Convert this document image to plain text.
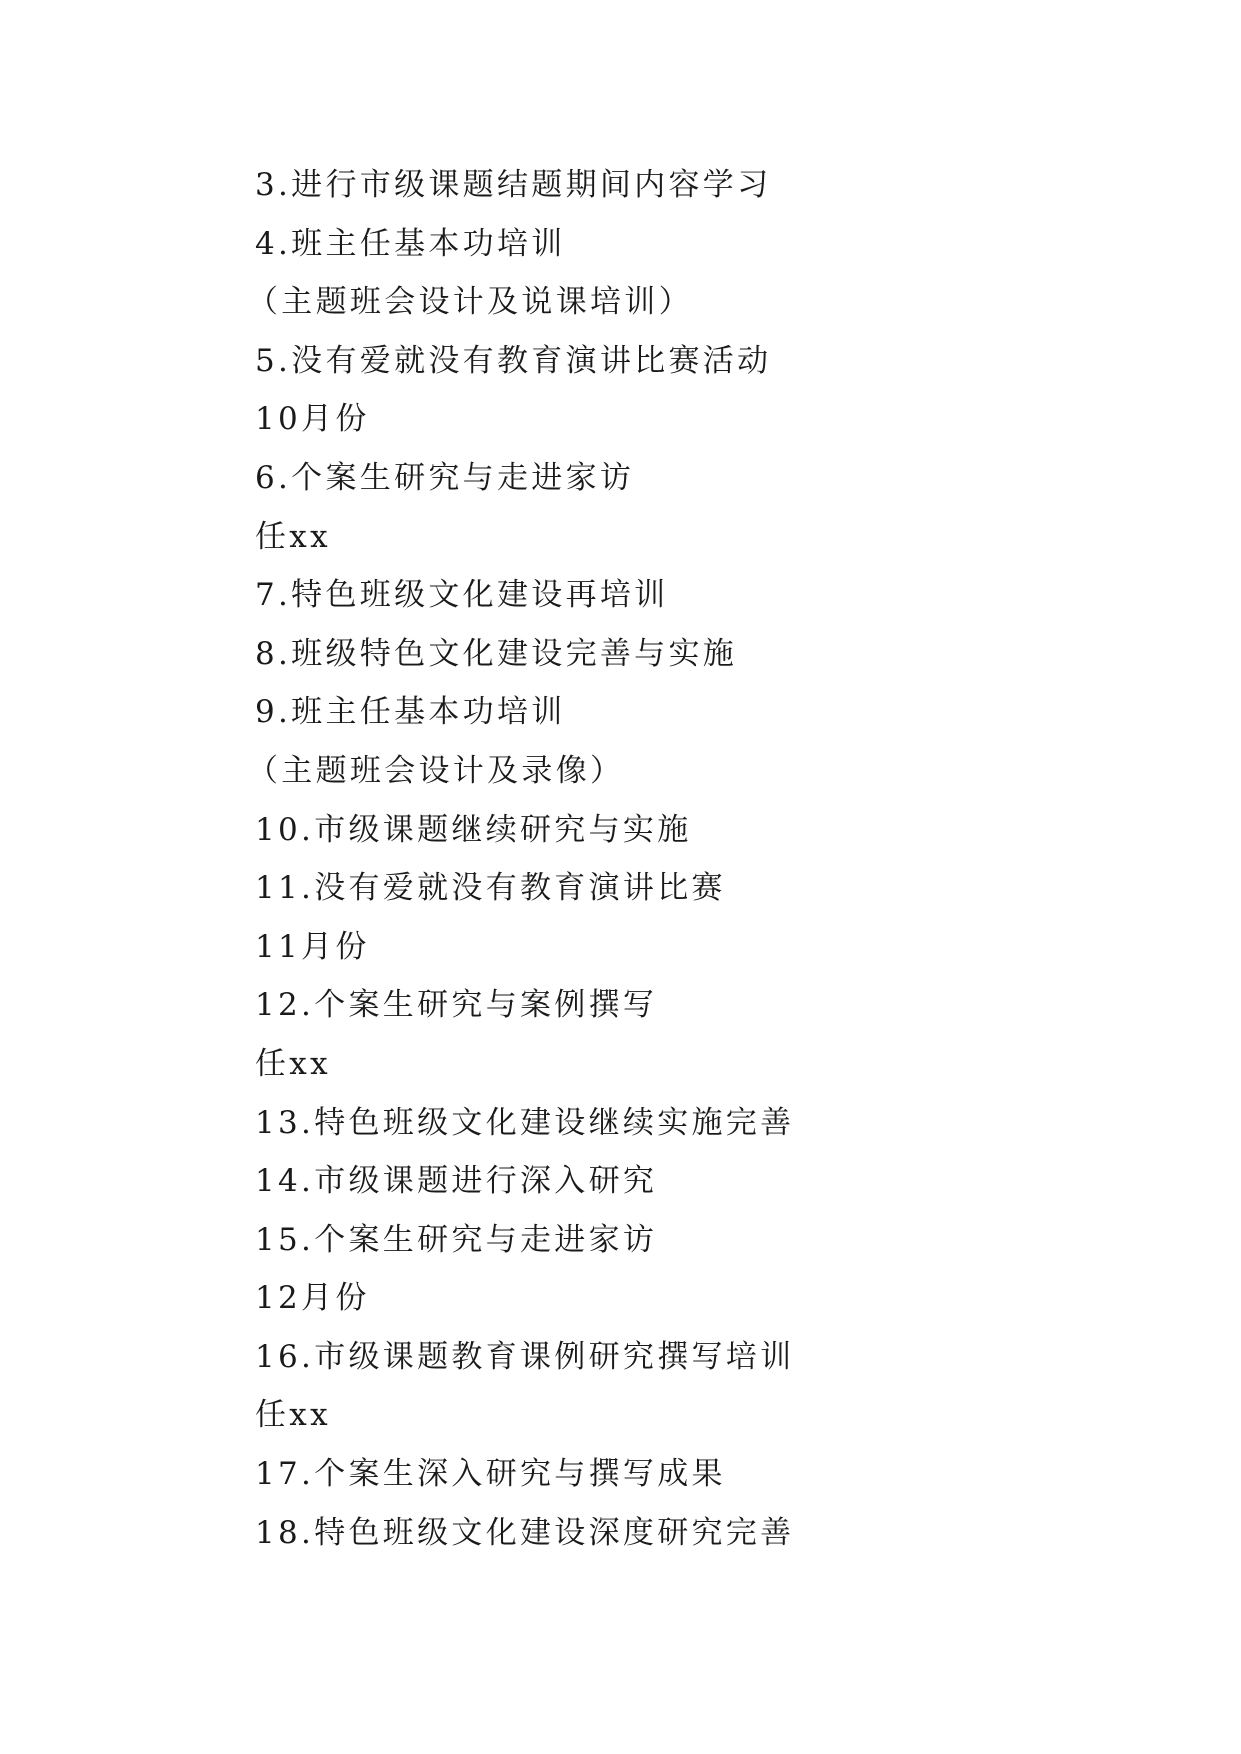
3.进行市级课题结题期间内容学习
4.班主任基本功培训
（主题班会设计及说课培训）
5.没有爱就没有教育演讲比赛活动
10月份
6.个案生研究与走进家访
任xx
7.特色班级文化建设再培训
8.班级特色文化建设完善与实施
9.班主任基本功培训
（主题班会设计及录像）
10.市级课题继续研究与实施
11.没有爱就没有教育演讲比赛
11月份
12.个案生研究与案例撰写
任xx
13.特色班级文化建设继续实施完善
14.市级课题进行深入研究
15.个案生研究与走进家访
12月份
16.市级课题教育课例研究撰写培训
任xx
17.个案生深入研究与撰写成果
18.特色班级文化建设深度研究完善
